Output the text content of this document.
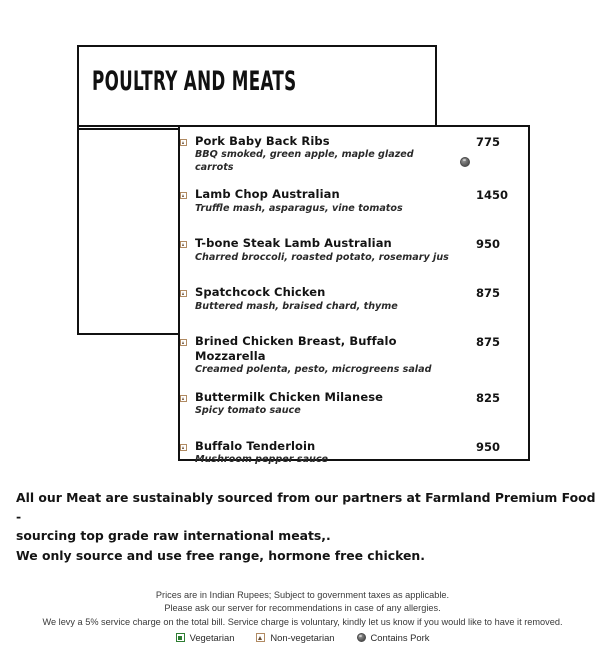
POULTRY AND MEATS
Pork Baby Back Ribs
BBQ smoked, green apple, maple glazed carrots
775
Lamb Chop Australian
Truffle mash, asparagus, vine tomatos
1450
T-bone Steak Lamb Australian
Charred broccoli, roasted potato, rosemary jus
950
Spatchcock Chicken
Buttered mash, braised chard, thyme
875
Brined Chicken Breast, Buffalo Mozzarella
Creamed polenta, pesto, microgreens salad
875
Buttermilk Chicken Milanese
Spicy tomato sauce
825
Buffalo Tenderloin
Mushroom pepper sauce
950

All our Meat are sustainably sourced from our partners at Farmland Premium Food -

sourcing top grade raw international meats,.

We only source and use free range, hormone free chicken.

Prices are in Indian Rupees; Subject to government taxes as applicable.

Please ask our server for recommendations in case of any allergies.

We levy a 5% service charge on the total bill. Service charge is voluntary, kindly let us know if you would like to have it removed.

Vegetarian	Non-vegetarian	Contains Pork
